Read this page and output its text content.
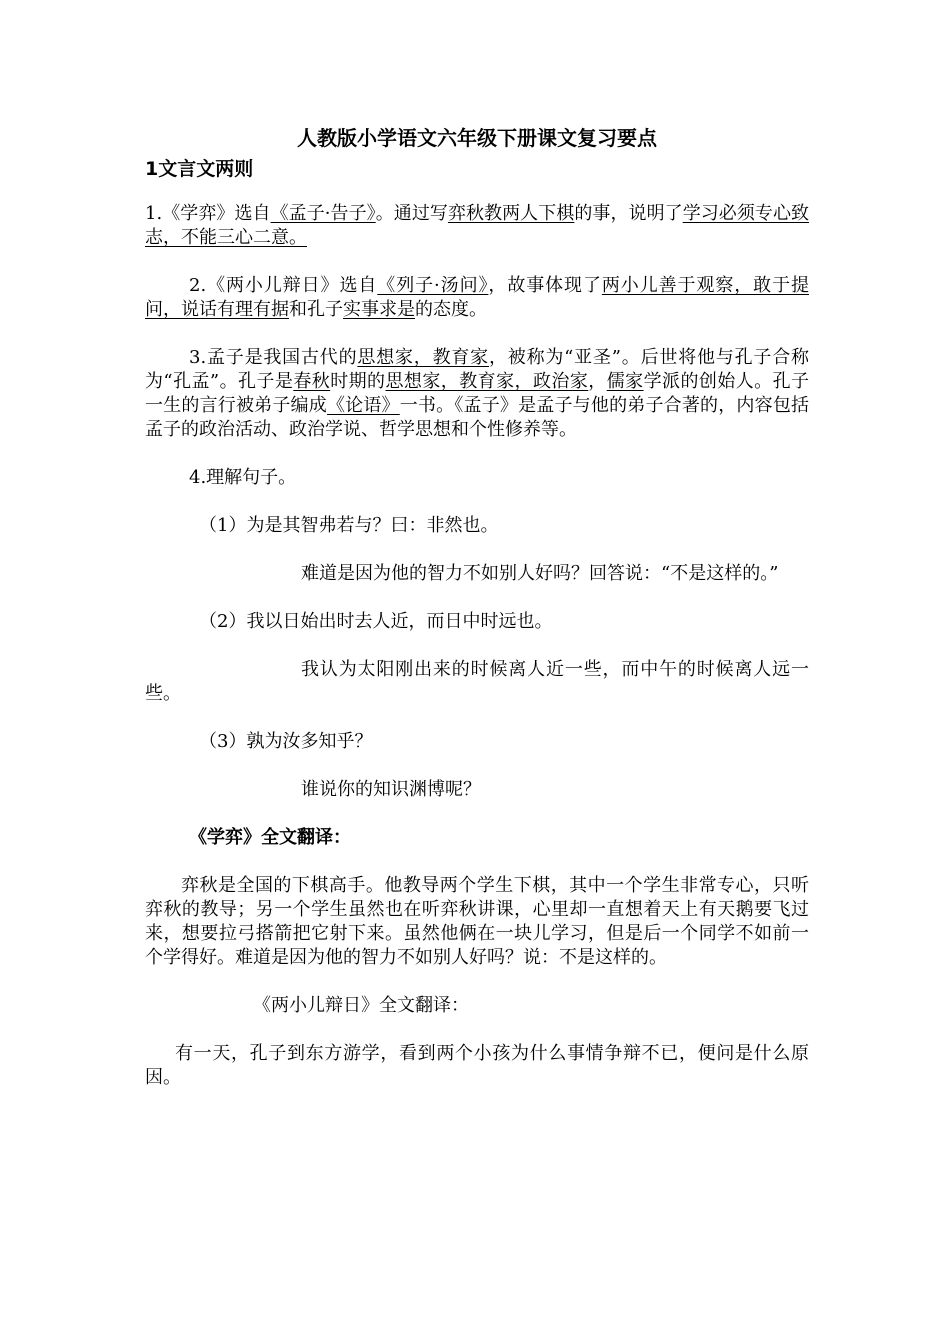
人教版小学语文六年级下册课文复习要点
1文言文两则

1.《学弈》选自《孟子·告子》。通过写弈秋教两人下棋的事，说明了学习必须专心致志，不能三心二意。

2.《两小儿辩日》选自《列子·汤问》，故事体现了两小儿善于观察，敢于提问，说话有理有据和孔子实事求是的态度。

3.孟子是我国古代的思想家，教育家，被称为“亚圣”。后世将他与孔子合称为“孔孟”。孔子是春秋时期的思想家，教育家，政治家，儒家学派的创始人。孔子一生的言行被弟子编成《论语》一书。《孟子》是孟子与他的弟子合著的，内容包括孟子的政治活动、政治学说、哲学思想和个性修养等。

4.理解句子。

（1）为是其智弗若与？曰：非然也。

难道是因为他的智力不如别人好吗？回答说：“不是这样的。”

（2）我以日始出时去人近，而日中时远也。

我认为太阳刚出来的时候离人近一些，而中午的时候离人远一些。

（3）孰为汝多知乎？

谁说你的知识渊博呢？

《学弈》全文翻译：

弈秋是全国的下棋高手。他教导两个学生下棋，其中一个学生非常专心，只听弈秋的教导；另一个学生虽然也在听弈秋讲课，心里却一直想着天上有天鹅要飞过来，想要拉弓搭箭把它射下来。虽然他俩在一块儿学习，但是后一个同学不如前一个学得好。难道是因为他的智力不如别人好吗？说：不是这样的。

《两小儿辩日》全文翻译：

有一天，孔子到东方游学，看到两个小孩为什么事情争辩不已，便问是什么原因。
